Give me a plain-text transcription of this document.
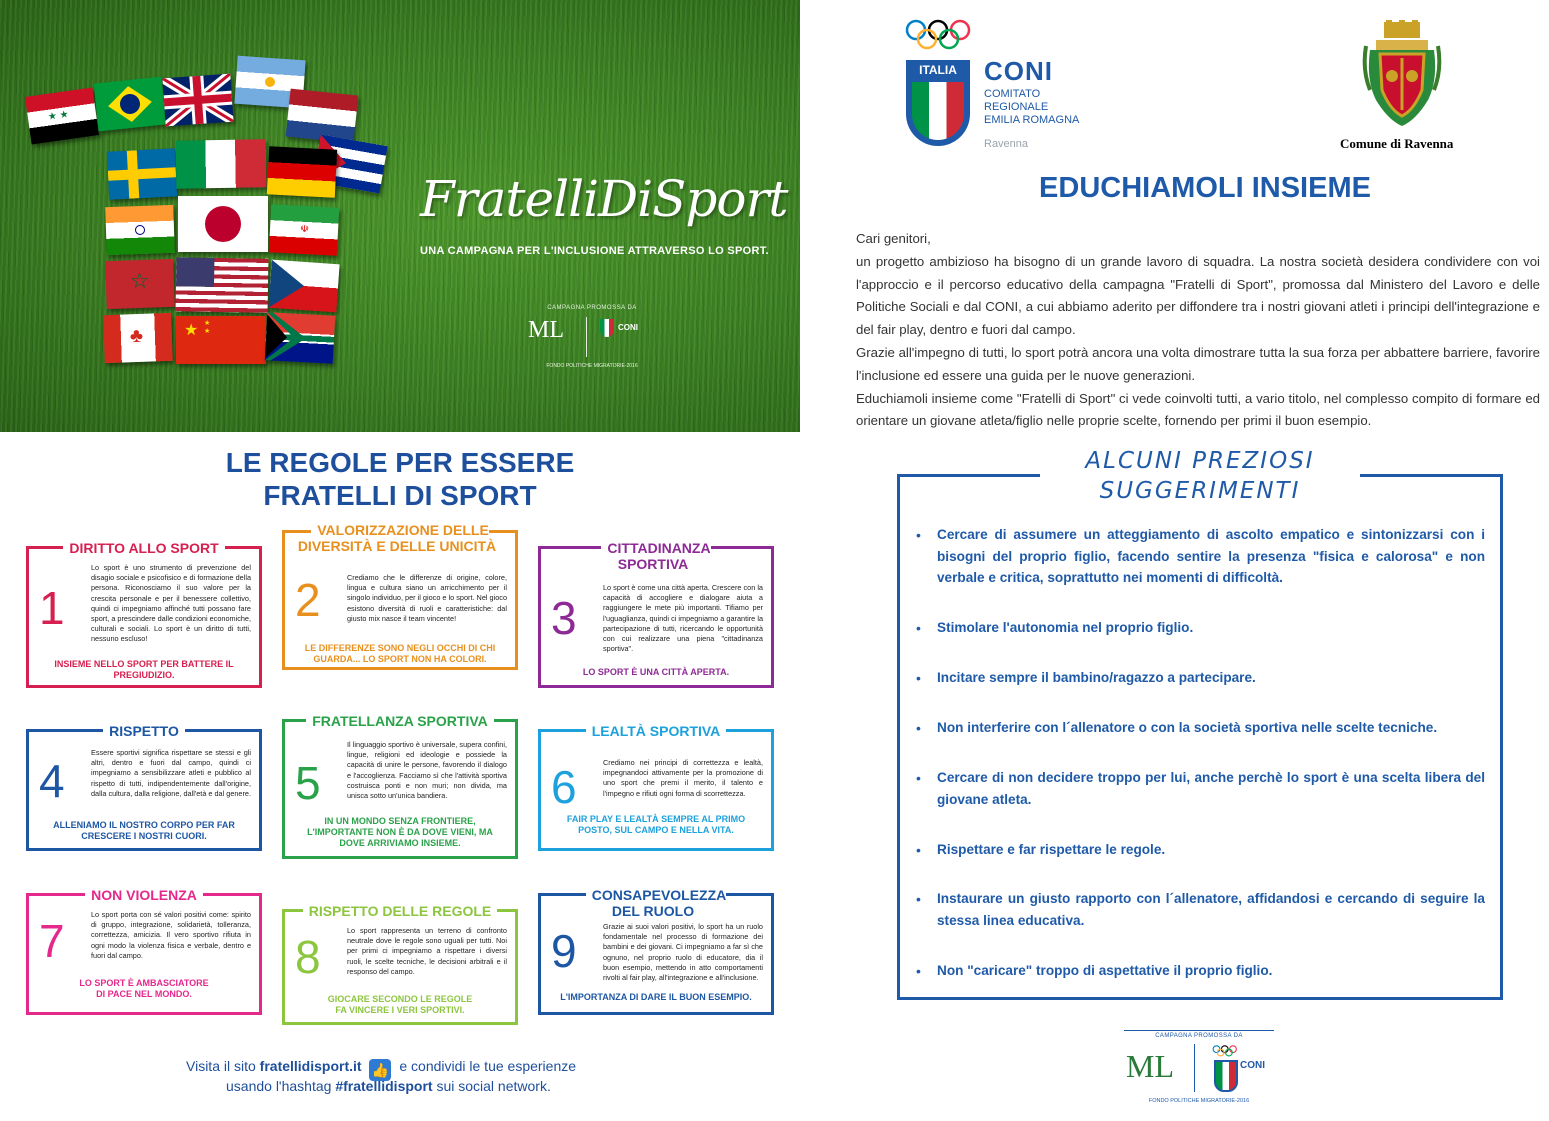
★ ★
☫
☆
♣	★ ★
★
FratelliDiSport
UNA CAMPAGNA PER L'INCLUSIONE ATTRAVERSO LO SPORT.
CAMPAGNA PROMOSSA DA
ML	CONI
FONDO POLITICHE MIGRATORIE-2016
LE REGOLE PER ESSERE
FRATELLI DI SPORT
DIRITTO ALLO SPORT
1
Lo sport è uno strumento di prevenzione del disagio sociale e psicofisico e di formazione della persona. Riconosciamo il suo valore per la crescita personale e per il benessere collettivo, quindi ci impegniamo affinché tutti possano fare sport, a prescindere dalle condizioni economiche, culturali e sociali. Lo sport è un diritto di tutti, nessuno escluso!
INSIEME NELLO SPORT PER BATTERE IL PREGIUDIZIO.
VALORIZZAZIONE DELLE DIVERSITÀ E DELLE UNICITÀ
2	Crediamo che le differenze di origine, colore, lingua e cultura siano un arricchimento per il singolo individuo, per il gioco e lo sport. Nel gioco esistono diversità di ruoli e caratteristiche: dal giusto mix nasce il team vincente!
LE DIFFERENZE SONO NEGLI OCCHI DI CHI GUARDA... LO SPORT NON HA COLORI.
CITTADINANZA SPORTIVA
3
Lo sport è come una città aperta. Crescere con la capacità di accogliere e dialogare aiuta a raggiungere le mete più importanti. Tifiamo per l'uguaglianza, quindi ci impegniamo a garantire la partecipazione di tutti, ricercando le opportunità con cui realizzare una piena "cittadinanza sportiva".
LO SPORT È UNA CITTÀ APERTA.
RISPETTO
4
Essere sportivi significa rispettare se stessi e gli altri, dentro e fuori dal campo, quindi ci impegniamo a sensibilizzare atleti e pubblico al rispetto di tutti, indipendentemente dall'origine, dalla cultura, dalla religione, dall'età e dal genere.
ALLENIAMO IL NOSTRO CORPO PER FAR CRESCERE I NOSTRI CUORI.
FRATELLANZA SPORTIVA
5
Il linguaggio sportivo è universale, supera confini, lingue, religioni ed ideologie e possiede la capacità di unire le persone, favorendo il dialogo e l'accoglienza. Facciamo sì che l'attività sportiva costruisca ponti e non muri; non divida, ma unisca sotto un'unica bandiera.
IN UN MONDO SENZA FRONTIERE, L'IMPORTANTE NON È DA DOVE VIENI, MA DOVE ARRIVIAMO INSIEME.
LEALTÀ SPORTIVA
6	Crediamo nei principi di correttezza e lealtà, impegnandoci attivamente per la promozione di uno sport che premi il merito, il talento e l'impegno e rifiuti ogni forma di scorrettezza.
FAIR PLAY E LEALTÀ SEMPRE AL PRIMO POSTO, SUL CAMPO E NELLA VITA.
NON VIOLENZA
7
Lo sport porta con sé valori positivi come: spirito di gruppo, integrazione, solidarietà, tolleranza, correttezza, amicizia. Il vero sportivo rifiuta in ogni modo la violenza fisica e verbale, dentro e fuori dal campo.
LO SPORT È AMBASCIATORE DI PACE NEL MONDO.
RISPETTO DELLE REGOLE
8
Lo sport rappresenta un terreno di confronto neutrale dove le regole sono uguali per tutti. Noi per primi ci impegniamo a rispettare i diversi ruoli, le scelte tecniche, le decisioni arbitrali e il responso del campo.
GIOCARE SECONDO LE REGOLE FA VINCERE I VERI SPORTIVI.
CONSAPEVOLEZZA DEL RUOLO
9	Grazie ai suoi valori positivi, lo sport ha un ruolo fondamentale nel processo di formazione dei bambini e dei giovani. Ci impegniamo a far sì che ognuno, nel proprio ruolo di educatore, dia il buon esempio, mettendo in atto comportamenti rivolti al fair play, all'integrazione e all'inclusione.
L'IMPORTANZA DI DARE IL BUON ESEMPIO.
Visita il sito fratellidisport.it 👍 e condividi le tue esperienze
usando l'hashtag #fratellidisport sui social network.
ITALIA	CONI
COMITATO
REGIONALE
EMILIA ROMAGNA
Ravenna	Comune di Ravenna
EDUCHIAMOLI INSIEME

Cari genitori,

un progetto ambizioso ha bisogno di un grande lavoro di squadra. La nostra società desidera condividere con voi l'approccio e il percorso educativo della campagna "Fratelli di Sport", promossa dal Ministero del Lavoro e delle Politiche Sociali e dal CONI, a cui abbiamo aderito per diffondere tra i nostri giovani atleti i principi dell'integrazione e del fair play, dentro e fuori dal campo.

Grazie all'impegno di tutti, lo sport potrà ancora una volta dimostrare tutta la sua forza per abbattere barriere, favorire l'inclusione ed essere una guida per le nuove generazioni.

Educhiamoli insieme come "Fratelli di Sport" ci vede coinvolti tutti, a vario titolo, nel complesso compito di formare ed orientare un giovane atleta/figlio nelle proprie scelte, fornendo per primi il buon esempio.

ALCUNI PREZIOSI
SUGGERIMENTI
• Cercare di assumere un atteggiamento di ascolto empatico e sintonizzarsi con i bisogni del proprio figlio, facendo sentire la presenza "fisica e calorosa" e non verbale e critica, soprattutto nei momenti di difficoltà.
• Stimolare l'autonomia nel proprio figlio.
• Incitare sempre il bambino/ragazzo a partecipare.
• Non interferire con l´allenatore o con la società sportiva nelle scelte tecniche.
• Cercare di non decidere troppo per lui, anche perchè lo sport è una scelta libera del giovane atleta.
• Rispettare e far rispettare le regole.
• Instaurare un giusto rapporto con l´allenatore, affidandosi e cercando di seguire la stessa linea educativa.
• Non "caricare" troppo di aspettative il proprio figlio.
CAMPAGNA PROMOSSA DA
ML	CONI
FONDO POLITICHE MIGRATORIE-2016
